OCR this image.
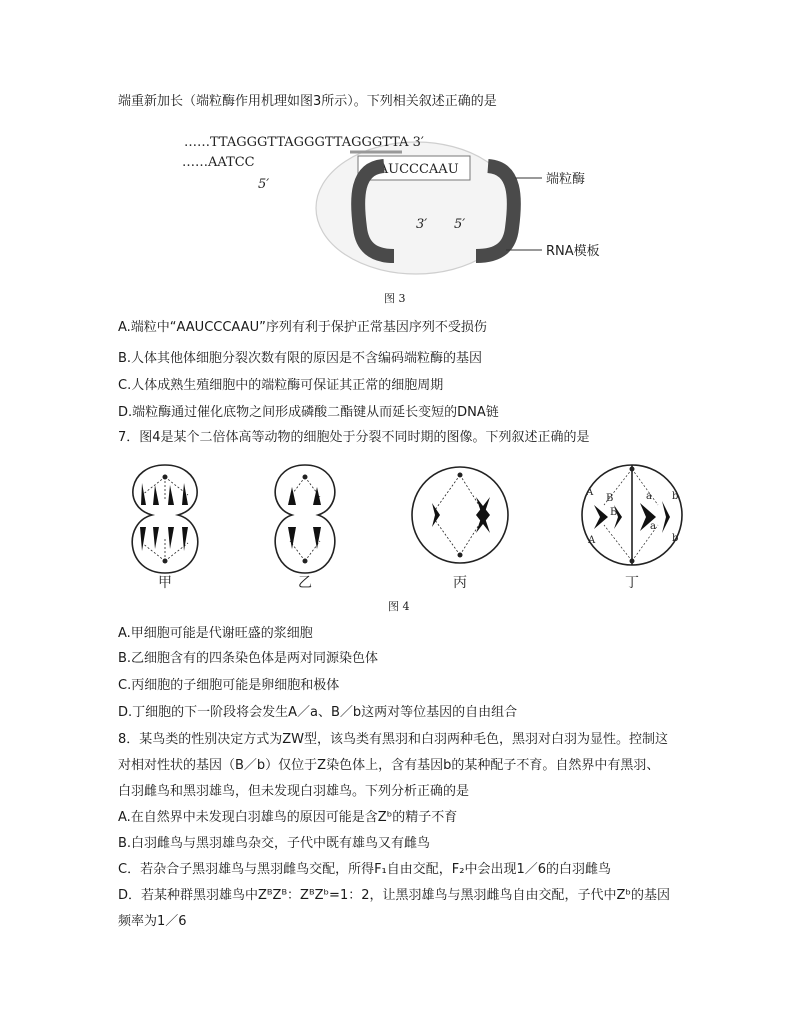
端重新加长（端粒酶作用机理如图3所示）。下列相关叙述正确的是
……TTAGGGTTAGGGTTAGGGTTA 3′
……AATCC
5′
AAUCCCAAU
3′ 5′
端粒酶
RNA模板
图 3
A.端粒中“AAUCCCAAU”序列有利于保护正常基因序列不受损伤
B.人体其他体细胞分裂次数有限的原因是不含编码端粒酶的基因
C.人体成熟生殖细胞中的端粒酶可保证其正常的细胞周期
D.端粒酶通过催化底物之间形成磷酸二酯键从而延长变短的DNA链
7．图4是某个二倍体高等动物的细胞处于分裂不同时期的图像。下列叙述正确的是
甲	乙	丙
A B	a b A a B b
丁
图 4
A.甲细胞可能是代谢旺盛的浆细胞
B.乙细胞含有的四条染色体是两对同源染色体
C.丙细胞的子细胞可能是卵细胞和极体
D.丁细胞的下一阶段将会发生A／a、B／b这两对等位基因的自由组合
8．某鸟类的性别决定方式为ZW型，该鸟类有黑羽和白羽两种毛色，黑羽对白羽为显性。控制这
对相对性状的基因（B／b）仅位于Z染色体上，含有基因b的某种配子不育。自然界中有黑羽、
白羽雌鸟和黑羽雄鸟，但未发现白羽雄鸟。下列分析正确的是
A.在自然界中未发现白羽雄鸟的原因可能是含Zᵇ的精子不育
B.白羽雌鸟与黑羽雄鸟杂交，子代中既有雄鸟又有雌鸟
C．若杂合子黑羽雄鸟与黑羽雌鸟交配，所得F₁自由交配，F₂中会出现1／6的白羽雌鸟
D．若某种群黑羽雄鸟中ZᴮZᴮ：ZᴮZᵇ=1：2，让黑羽雄鸟与黑羽雌鸟自由交配，子代中Zᵇ的基因
频率为1／6
